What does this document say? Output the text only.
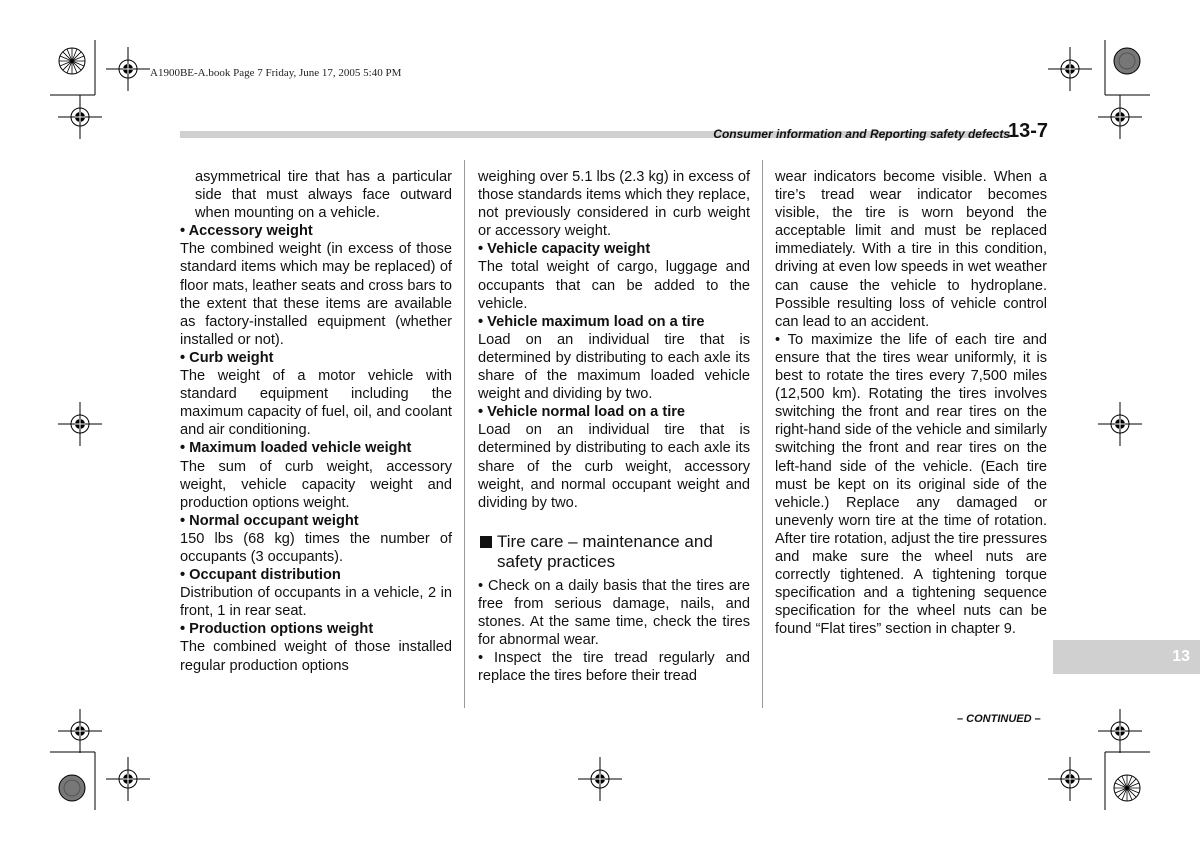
A1900BE-A.book Page 7 Friday, June 17, 2005 5:40 PM
Consumer information and Reporting safety defects
13-7

asymmetrical tire that has a particular side that must always face outward when mounting on a vehicle.

• Accessory weight

The combined weight (in excess of those standard items which may be replaced) of floor mats, leather seats and cross bars to the extent that these items are available as factory-installed equipment (whether installed or not).

• Curb weight

The weight of a motor vehicle with standard equipment including the maximum capacity of fuel, oil, and coolant and air conditioning.

• Maximum loaded vehicle weight

The sum of curb weight, accessory weight, vehicle capacity weight and production options weight.

• Normal occupant weight

150 lbs (68 kg) times the number of occupants (3 occupants).

• Occupant distribution

Distribution of occupants in a vehicle, 2 in front, 1 in rear seat.

• Production options weight

The combined weight of those installed regular production options

weighing over 5.1 lbs (2.3 kg) in excess of those standards items which they replace, not previously considered in curb weight or accessory weight.

• Vehicle capacity weight

The total weight of cargo, luggage and occupants that can be added to the vehicle.

• Vehicle maximum load on a tire

Load on an individual tire that is determined by distributing to each axle its share of the maximum loaded vehicle weight and dividing by two.

• Vehicle normal load on a tire

Load on an individual tire that is determined by distributing to each axle its share of the curb weight, accessory weight, and normal occupant weight and dividing by two.

Tire care – maintenance and safety practices

• Check on a daily basis that the tires are free from serious damage, nails, and stones. At the same time, check the tires for abnormal wear.

• Inspect the tire tread regularly and replace the tires before their tread

wear indicators become visible. When a tire’s tread wear indicator becomes visible, the tire is worn beyond the acceptable limit and must be replaced immediately. With a tire in this condition, driving at even low speeds in wet weather can cause the vehicle to hydroplane. Possible resulting loss of vehicle control can lead to an accident.

• To maximize the life of each tire and ensure that the tires wear uniformly, it is best to rotate the tires every 7,500 miles (12,500 km). Rotating the tires involves switching the front and rear tires on the right-hand side of the vehicle and similarly switching the front and rear tires on the left-hand side of the vehicle. (Each tire must be kept on its original side of the vehicle.) Replace any damaged or unevenly worn tire at the time of rotation. After tire rotation, adjust the tire pressures and make sure the wheel nuts are correctly tightened. A tightening torque specification and a tightening sequence specification for the wheel nuts can be found “Flat tires” section in chapter 9.

13
– CONTINUED –
